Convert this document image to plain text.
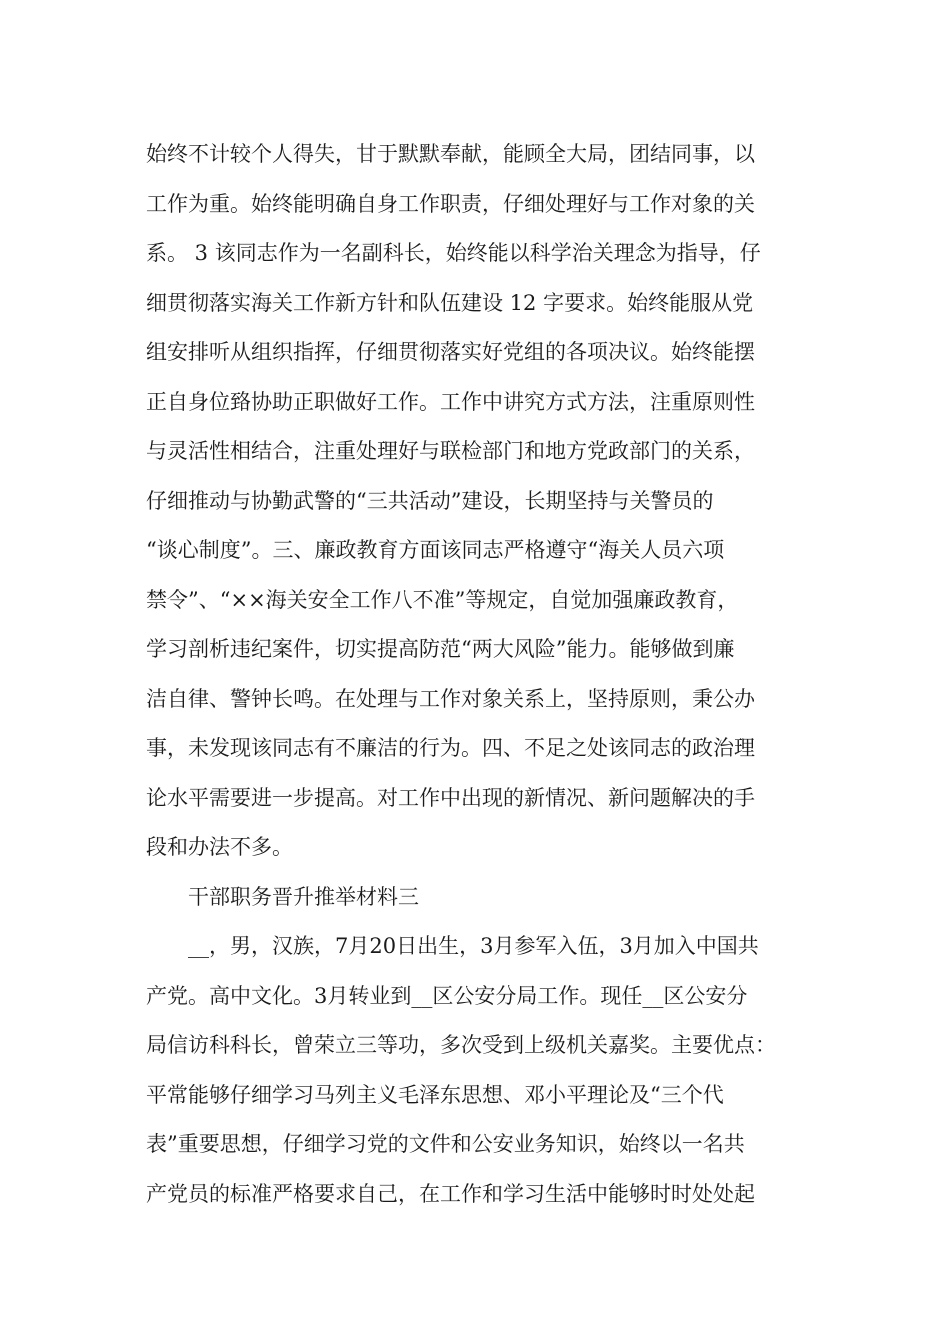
始终不计较个人得失，甘于默默奉献，能顾全大局，团结同事，以
工作为重。始终能明确自身工作职责，仔细处理好与工作对象的关
系。 3 该同志作为一名副科长，始终能以科学治关理念为指导，仔
细贯彻落实海关工作新方针和队伍建设 12 字要求。始终能服从党
组安排听从组织指挥，仔细贯彻落实好党组的各项决议。始终能摆
正自身位臵协助正职做好工作。工作中讲究方式方法，注重原则性
与灵活性相结合，注重处理好与联检部门和地方党政部门的关系，
仔细推动与协勤武警的“三共活动”建设，长期坚持与关警员的
“谈心制度”。三、廉政教育方面该同志严格遵守“海关人员六项
禁令”、“××海关安全工作八不准”等规定，自觉加强廉政教育，
学习剖析违纪案件，切实提高防范“两大风险”能力。能够做到廉
洁自律、警钟长鸣。在处理与工作对象关系上，坚持原则，秉公办
事，未发现该同志有不廉洁的行为。四、不足之处该同志的政治理
论水平需要进一步提高。对工作中出现的新情况、新问题解决的手
段和办法不多。
干部职务晋升推举材料三
__，男，汉族，7月20日出生，3月参军入伍，3月加入中国共
产党。高中文化。3月转业到__区公安分局工作。现任__区公安分
局信访科科长，曾荣立三等功，多次受到上级机关嘉奖。主要优点：
平常能够仔细学习马列主义毛泽东思想、邓小平理论及“三个代
表”重要思想，仔细学习党的文件和公安业务知识，始终以一名共
产党员的标准严格要求自己，在工作和学习生活中能够时时处处起
